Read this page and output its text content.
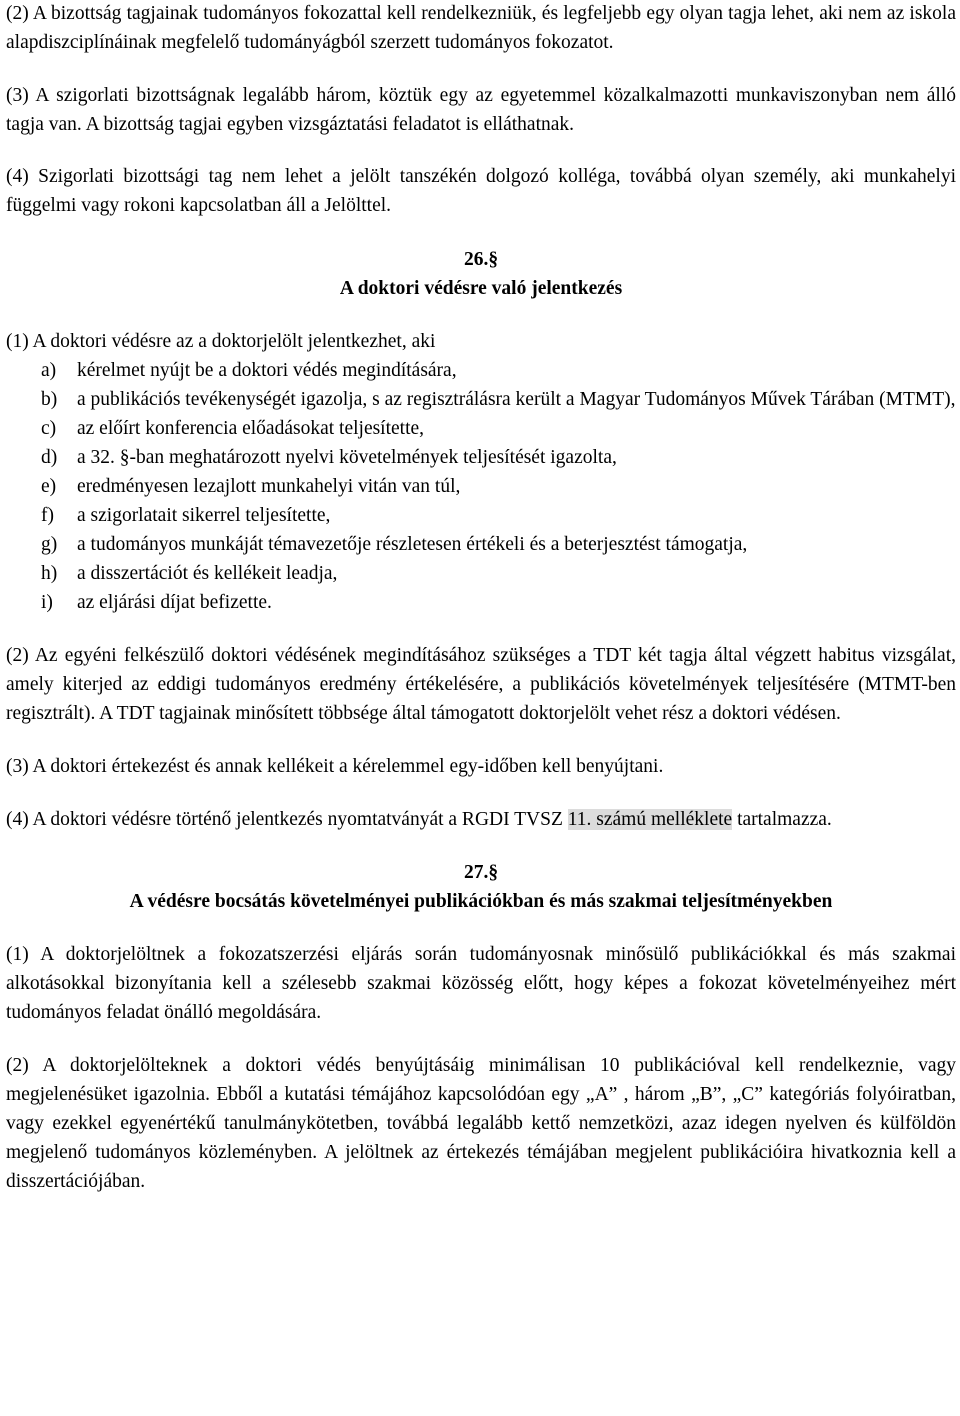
(2) A bizottság tagjainak tudományos fokozattal kell rendelkezniük, és legfeljebb egy olyan tagja lehet, aki nem az iskola alapdiszciplínáinak megfelelő tudományágból szerzett tudományos fokozatot.

(3) A szigorlati bizottságnak legalább három, köztük egy az egyetemmel közalkalmazotti munkaviszonyban nem álló tagja van. A bizottság tagjai egyben vizsgáztatási feladatot is elláthatnak.

(4) Szigorlati bizottsági tag nem lehet a jelölt tanszékén dolgozó kolléga, továbbá olyan személy, aki munkahelyi függelmi vagy rokoni kapcsolatban áll a Jelölttel.

26.§

A doktori védésre való jelentkezés

(1) A doktori védésre az a doktorjelölt jelentkezhet, aki

a)	kérelmet nyújt be a doktori védés megindítására,
b)	a publikációs tevékenységét igazolja, s az regisztrálásra került a Magyar Tudományos Művek Tárában (MTMT),
c)	az előírt konferencia előadásokat teljesítette,
d)	a 32. §-ban meghatározott nyelvi követelmények teljesítését igazolta,
e)	eredményesen lezajlott munkahelyi vitán van túl,
f)	a szigorlatait sikerrel teljesítette,
g)	a tudományos munkáját témavezetője részletesen értékeli és a beterjesztést támogatja,
h)	a disszertációt és kellékeit leadja,
i)	az eljárási díjat befizette.

(2) Az egyéni felkészülő doktori védésének megindításához szükséges a TDT két tagja által végzett habitus vizsgálat, amely kiterjed az eddigi tudományos eredmény értékelésére, a publikációs követelmények teljesítésére (MTMT-ben regisztrált). A TDT tagjainak minősített többsége által támogatott doktorjelölt vehet rész a doktori védésen.

(3) A doktori értekezést és annak kellékeit a kérelemmel egy-időben kell benyújtani.

(4) A doktori védésre történő jelentkezés nyomtatványát a RGDI TVSZ 11. számú melléklete tartalmazza.

27.§

A védésre bocsátás követelményei publikációkban és más szakmai teljesítményekben

(1) A doktorjelöltnek a fokozatszerzési eljárás során tudományosnak minősülő publikációkkal és más szakmai alkotásokkal bizonyítania kell a szélesebb szakmai közösség előtt, hogy képes a fokozat követelményeihez mért tudományos feladat önálló megoldására.

(2) A doktorjelölteknek a doktori védés benyújtásáig minimálisan 10 publikációval kell rendelkeznie, vagy megjelenésüket igazolnia. Ebből a kutatási témájához kapcsolódóan egy „A” , három „B”, „C” kategóriás folyóiratban, vagy ezekkel egyenértékű tanulmánykötetben, továbbá legalább kettő nemzetközi, azaz idegen nyelven és külföldön megjelenő tudományos közleményben. A jelöltnek az értekezés témájában megjelent publikációira hivatkoznia kell a disszertációjában.
